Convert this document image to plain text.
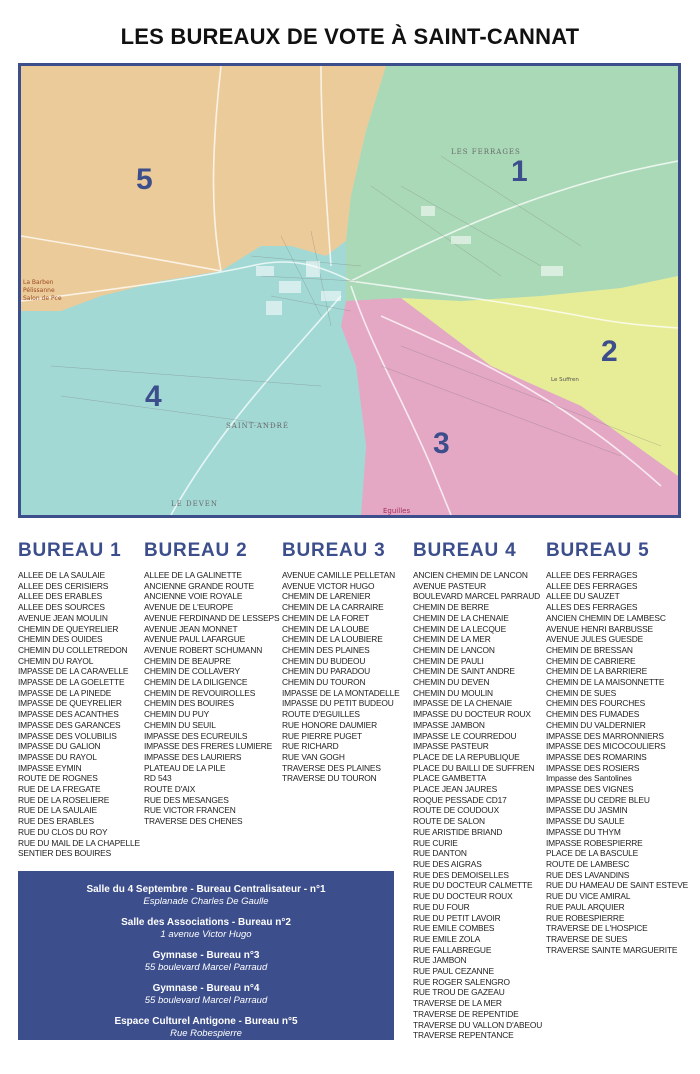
LES BUREAUX DE VOTE À SAINT-CANNAT
LES FERRAGES
SAINT-ANDRÉ
LE DEVEN
Eguilles
La Barben
Pélissanne
Salon de Pce
Le Suffren
5	1
2
3
4
BUREAU 1
ALLEE DE LA SAULAIE
ALLEE DES CERISIERS
ALLEE DES ERABLES
ALLEE DES SOURCES
AVENUE JEAN MOULIN
CHEMIN DE QUEYRELIER
CHEMIN DES OUIDES
CHEMIN DU COLLETREDON
CHEMIN DU RAYOL
IMPASSE DE LA CARAVELLE
IMPASSE DE LA GOELETTE
IMPASSE DE LA PINEDE
IMPASSE DE QUEYRELIER
IMPASSE DES ACANTHES
IMPASSE DES GARANCES
IMPASSE DES VOLUBILIS
IMPASSE DU GALION
IMPASSE DU RAYOL
IMPASSE EYMIN
ROUTE DE ROGNES
RUE DE LA FREGATE
RUE DE LA ROSELIERE
RUE DE LA SAULAIE
RUE DES ERABLES
RUE DU CLOS DU ROY
RUE DU MAIL DE LA CHAPELLE
SENTIER DES BOUIRES
BUREAU 2
ALLEE DE LA GALINETTE
ANCIENNE GRANDE ROUTE
ANCIENNE VOIE ROYALE
AVENUE DE L'EUROPE
AVENUE FERDINAND DE LESSEPS
AVENUE JEAN MONNET
AVENUE PAUL LAFARGUE
AVENUE ROBERT SCHUMANN
CHEMIN DE BEAUPRE
CHEMIN DE COLLAVERY
CHEMIN DE LA DILIGENCE
CHEMIN DE REVOUIROLLES
CHEMIN DES BOUIRES
CHEMIN DU PUY
CHEMIN DU SEUIL
IMPASSE DES ECUREUILS
IMPASSE DES FRERES LUMIERE
IMPASSE DES LAURIERS
PLATEAU DE LA PILE
RD 543
ROUTE D'AIX
RUE DES MESANGES
RUE VICTOR FRANCEN
TRAVERSE DES CHENES
BUREAU 3
AVENUE CAMILLE PELLETAN
AVENUE VICTOR HUGO
CHEMIN DE LARENIER
CHEMIN DE LA CARRAIRE
CHEMIN DE LA FORET
CHEMIN DE LA LOUBE
CHEMIN DE LA LOUBIERE
CHEMIN DES PLAINES
CHEMIN DU BUDEOU
CHEMIN DU PARADOU
CHEMIN DU TOURON
IMPASSE DE LA MONTADELLE
IMPASSE DU PETIT BUDEOU
ROUTE D'EGUILLES
RUE HONORE DAUMIER
RUE PIERRE PUGET
RUE RICHARD
RUE VAN GOGH
TRAVERSE DES PLAINES
TRAVERSE DU TOURON
BUREAU 4
ANCIEN CHEMIN DE LANCON
AVENUE PASTEUR
BOULEVARD MARCEL PARRAUD
CHEMIN DE BERRE
CHEMIN DE LA CHENAIE
CHEMIN DE LA LECQUE
CHEMIN DE LA MER
CHEMIN DE LANCON
CHEMIN DE PAULI
CHEMIN DE SAINT ANDRE
CHEMIN DU DEVEN
CHEMIN DU MOULIN
IMPASSE DE LA CHENAIE
IMPASSE DU DOCTEUR ROUX
IMPASSE JAMBON
IMPASSE LE COURREDOU
IMPASSE PASTEUR
PLACE DE LA REPUBLIQUE
PLACE DU BAILLI DE SUFFREN
PLACE GAMBETTA
PLACE JEAN JAURES
ROQUE PESSADE CD17
ROUTE DE COUDOUX
ROUTE DE SALON
RUE ARISTIDE BRIAND
RUE CURIE
RUE DANTON
RUE DES AIGRAS
RUE DES DEMOISELLES
RUE DU DOCTEUR CALMETTE
RUE DU DOCTEUR ROUX
RUE DU FOUR
RUE DU PETIT LAVOIR
RUE EMILE COMBES
RUE EMILE ZOLA
RUE FALLABREGUE
RUE JAMBON
RUE PAUL CEZANNE
RUE ROGER SALENGRO
RUE TROU DE GAZEAU
TRAVERSE DE LA MER
TRAVERSE DE REPENTIDE
TRAVERSE DU VALLON D'ABEOU
TRAVERSE REPENTANCE
BUREAU 5
ALLEE DES FERRAGES
ALLEE DES FERRAGES
ALLEE DU SAUZET
ALLES DES FERRAGES
ANCIEN CHEMIN DE LAMBESC
AVENUE HENRI BARBUSSE
AVENUE JULES GUESDE
CHEMIN DE BRESSAN
CHEMIN DE CABRIERE
CHEMIN DE LA BARRIERE
CHEMIN DE LA MAISONNETTE
CHEMIN DE SUES
CHEMIN DES FOURCHES
CHEMIN DES FUMADES
CHEMIN DU VALDERNIER
IMPASSE DES MARRONNIERS
IMPASSE DES MICOCOULIERS
IMPASSE DES ROMARINS
IMPASSE DES ROSIERS
Impasse des Santolines
IMPASSE DES VIGNES
IMPASSE DU CEDRE BLEU
IMPASSE DU JASMIN
IMPASSE DU SAULE
IMPASSE DU THYM
IMPASSE ROBESPIERRE
PLACE DE LA BASCULE
ROUTE DE LAMBESC
RUE DES LAVANDINS
RUE DU HAMEAU DE SAINT ESTEVE
RUE DU VICE AMIRAL
RUE PAUL ARQUIER
RUE ROBESPIERRE
TRAVERSE DE L'HOSPICE
TRAVERSE DE SUES
TRAVERSE SAINTE MARGUERITE
Salle du 4 Septembre - Bureau Centralisateur - n°1
Esplanade Charles De Gaulle
Salle des Associations - Bureau n°2
1 avenue Victor Hugo
Gymnase - Bureau n°3
55 boulevard Marcel Parraud
Gymnase - Bureau n°4
55 boulevard Marcel Parraud
Espace Culturel Antigone - Bureau n°5
Rue Robespierre
